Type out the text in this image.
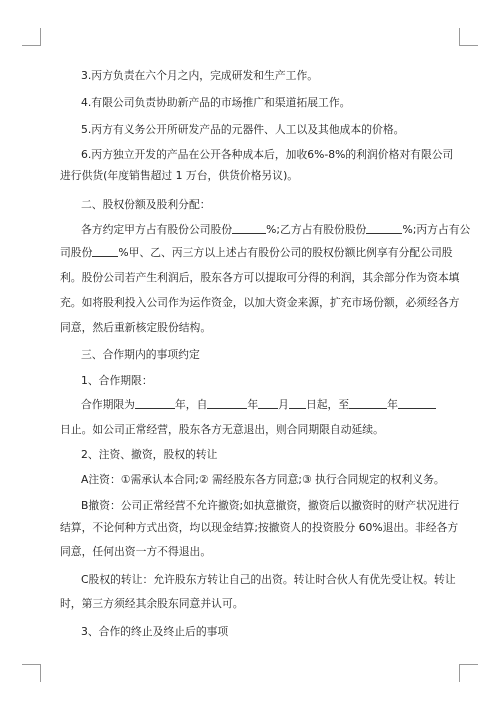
3.丙方负责在六个月之内，完成研发和生产工作。
4.有限公司负责协助新产品的市场推广和渠道拓展工作。
5.丙方有义务公开所研发产品的元器件、人工以及其他成本的价格。
6.丙方独立开发的产品在公开各种成本后，加收6%-8%的利润价格对有限公司
进行供货(年度销售超过 1 万台，供货价格另议)。
二、股权份额及股利分配：
各方约定甲方占有股份公司股份	%;乙方占有股份股份	%;丙方占有公
司股份 %甲、乙、丙三方以上述占有股份公司的股权份额比例享有分配公司股
利。股份公司若产生利润后，股东各方可以提取可分得的利润，其余部分作为资本填
充。如将股利投入公司作为运作资金，以加大资金来源，扩充市场份额，必须经各方
同意，然后重新核定股份结构。
三、合作期内的事项约定
1、合作期限：
合作期限为	年，自	年 月 日起，至	年
日止。如公司正常经营，股东各方无意退出，则合同期限自动延续。
2、注资、撤资，股权的转让
A注资：①需承认本合同;② 需经股东各方同意;③ 执行合同规定的权利义务。
B撤资：公司正常经营不允许撤资;如执意撤资，撤资后以撤资时的财产状况进行
结算，不论何种方式出资，均以现金结算;按撤资人的投资股分 60%退出。非经各方
同意，任何出资一方不得退出。
C股权的转让：允许股东方转让自己的出资。转让时合伙人有优先受让权。转让
时，第三方须经其余股东同意并认可。
3、合作的终止及终止后的事项
